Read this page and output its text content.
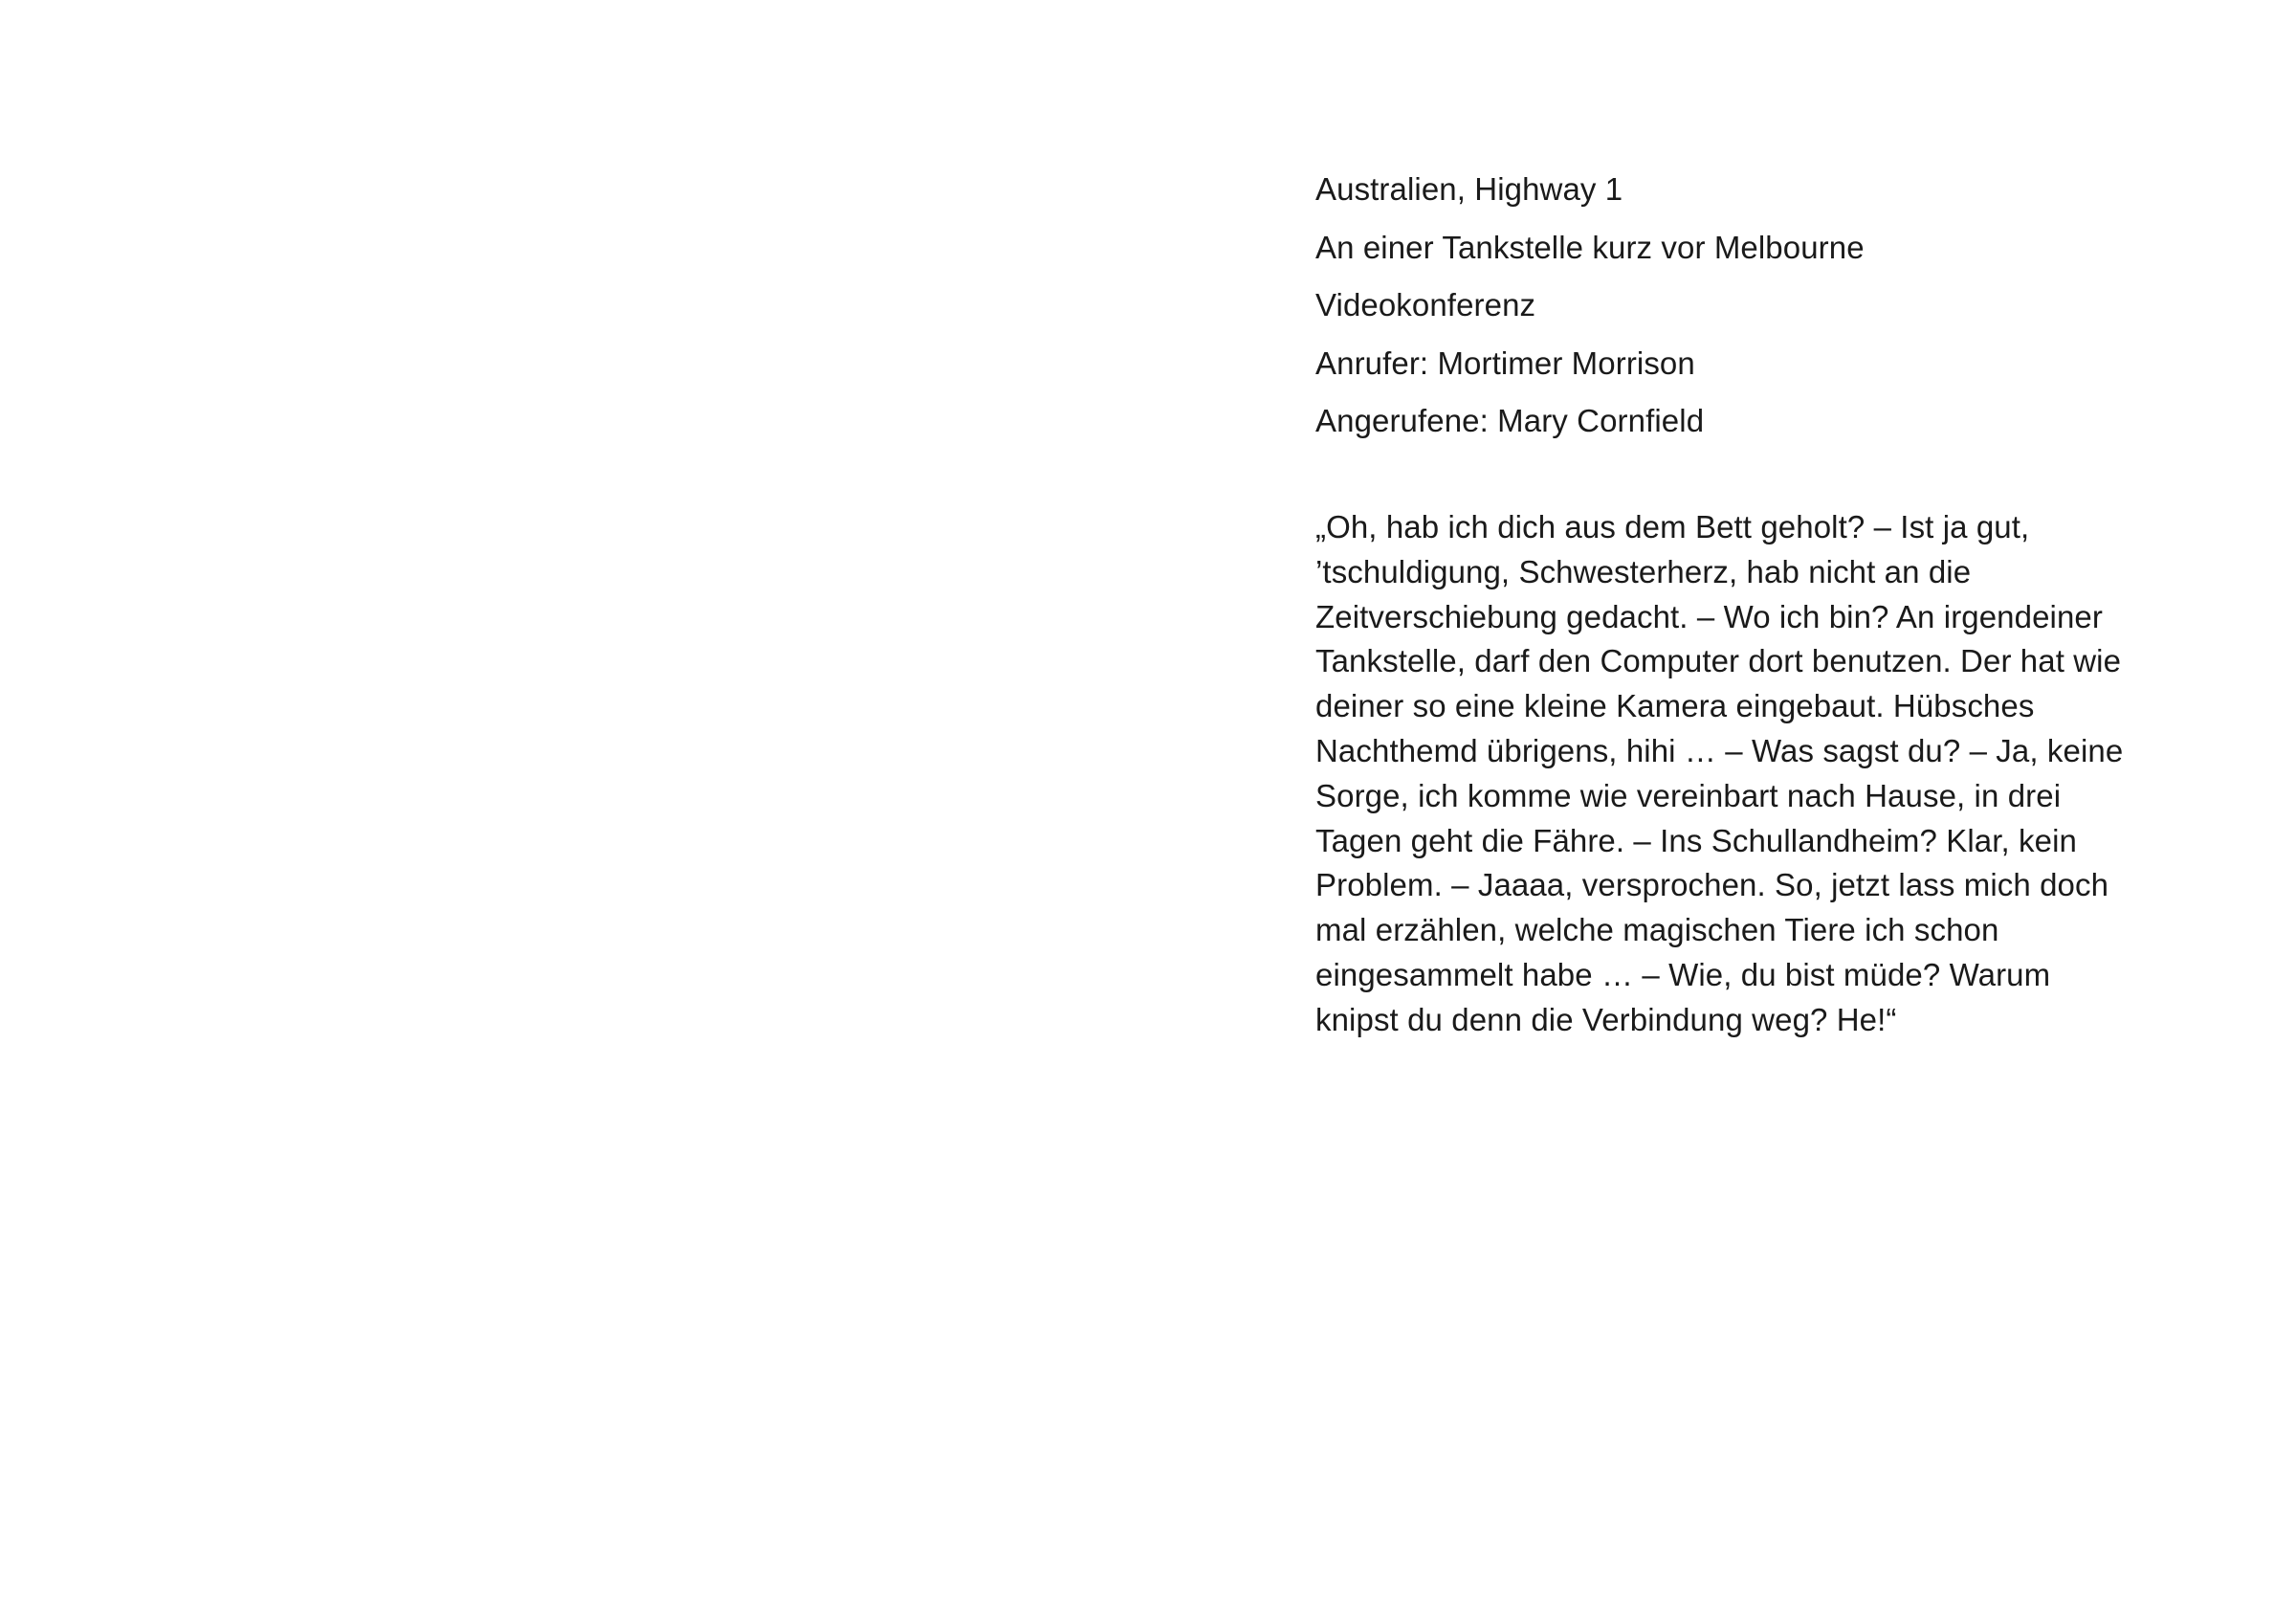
Australien, Highway 1
An einer Tankstelle kurz vor Melbourne
Videokonferenz
Anrufer: Mortimer Morrison
Angerufene: Mary Cornfield
„Oh, hab ich dich aus dem Bett geholt? – Ist ja gut,
’tschuldigung, Schwesterherz, hab nicht an die
Zeitverschiebung gedacht. – Wo ich bin? An irgendeiner
Tankstelle, darf den Computer dort benutzen. Der hat wie
deiner so eine kleine Kamera eingebaut. Hübsches
Nachthemd übrigens, hihi … – Was sagst du? – Ja, keine
Sorge, ich komme wie vereinbart nach Hause, in drei
Tagen geht die Fähre. – Ins Schullandheim? Klar, kein
Problem. – Jaaaa, versprochen. So, jetzt lass mich doch
mal erzählen, welche magischen Tiere ich schon
eingesammelt habe … – Wie, du bist müde? Warum
knipst du denn die Verbindung weg? He!“
